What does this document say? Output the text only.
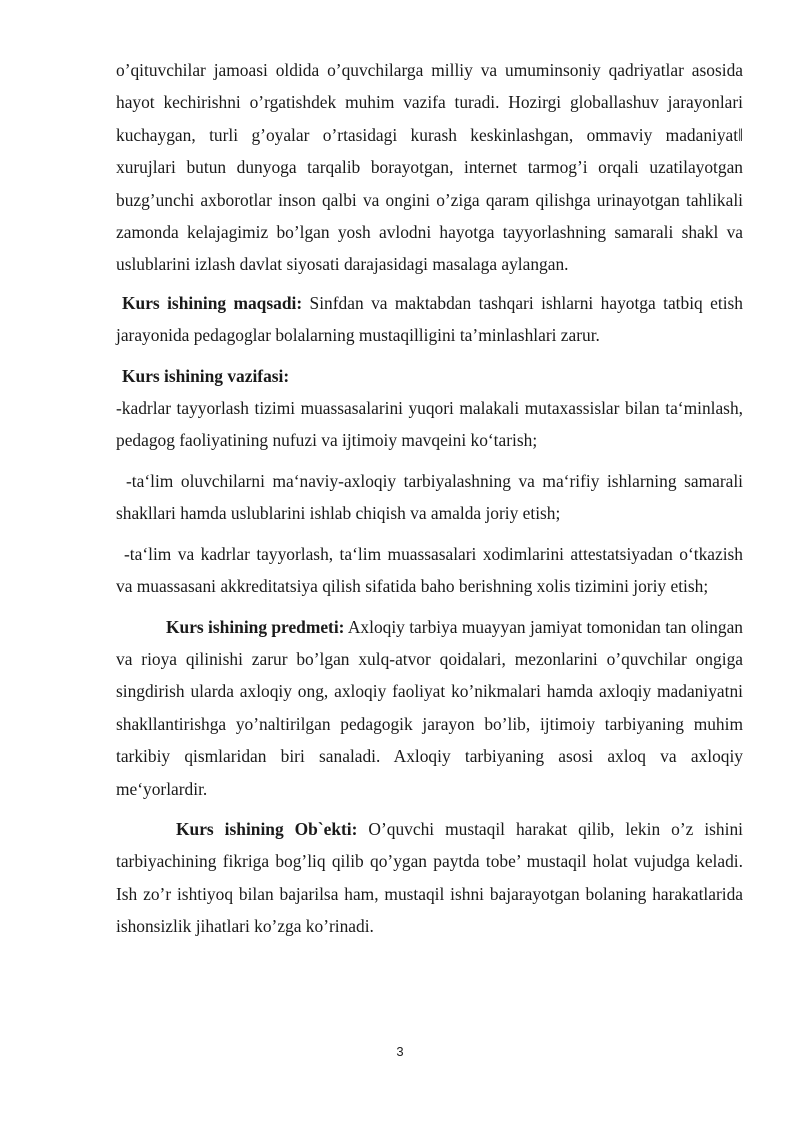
o’qituvchilar jamoasi oldida o’quvchilarga milliy va umuminsoniy qadriyatlar asosida hayot kechirishni o’rgatishdek muhim vazifa turadi. Hozirgi globallashuv jarayonlari kuchaygan, turli g’oyalar o’rtasidagi kurash keskinlashgan, ommaviy madaniyat‖ xurujlari butun dunyoga tarqalib borayotgan, internet tarmog’i orqali uzatilayotgan buzg’unchi axborotlar inson qalbi va ongini o’ziga qaram qilishga urinayotgan tahlikali zamonda kelajagimiz bo’lgan yosh avlodni hayotga tayyorlashning samarali shakl va uslublarini izlash davlat siyosati darajasidagi masalaga aylangan.

Kurs ishining maqsadi: Sinfdan va maktabdan tashqari ishlarni hayotga tatbiq etish jarayonida pedagoglar bolalarning mustaqilligini ta’minlashlari zarur.

Kurs ishining vazifasi:

-kadrlar tayyorlash tizimi muassasalarini yuqori malakali mutaxassislar bilan ta‘minlash, pedagog faoliyatining nufuzi va ijtimoiy mavqeini ko‘tarish;

-ta‘lim oluvchilarni ma‘naviy-axloqiy tarbiyalashning va ma‘rifiy ishlarning samarali shakllari hamda uslublarini ishlab chiqish va amalda joriy etish;

-ta‘lim va kadrlar tayyorlash, ta‘lim muassasalari xodimlarini attestatsiyadan o‘tkazish va muassasani akkreditatsiya qilish sifatida baho berishning xolis tizimini joriy etish;

Kurs ishining predmeti: Axloqiy tarbiya muayyan jamiyat tomonidan tan olingan va rioya qilinishi zarur bo’lgan xulq-atvor qoidalari, mezonlarini o’quvchilar ongiga singdirish ularda axloqiy ong, axloqiy faoliyat ko’nikmalari hamda axloqiy madaniyatni shakllantirishga yo’naltirilgan pedagogik jarayon bo’lib, ijtimoiy tarbiyaning muhim tarkibiy qismlaridan biri sanaladi. Axloqiy tarbiyaning asosi axloq va axloqiy me‘yorlardir.

Kurs ishining Ob`ekti: O’quvchi mustaqil harakat qilib, lekin o’z ishini tarbiyachining fikriga bog’liq qilib qo’ygan paytda tobe’ mustaqil holat vujudga keladi. Ish zo’r ishtiyoq bilan bajarilsa ham, mustaqil ishni bajarayotgan bolaning harakatlarida ishonsizlik jihatlari ko’zga ko’rinadi.

3
